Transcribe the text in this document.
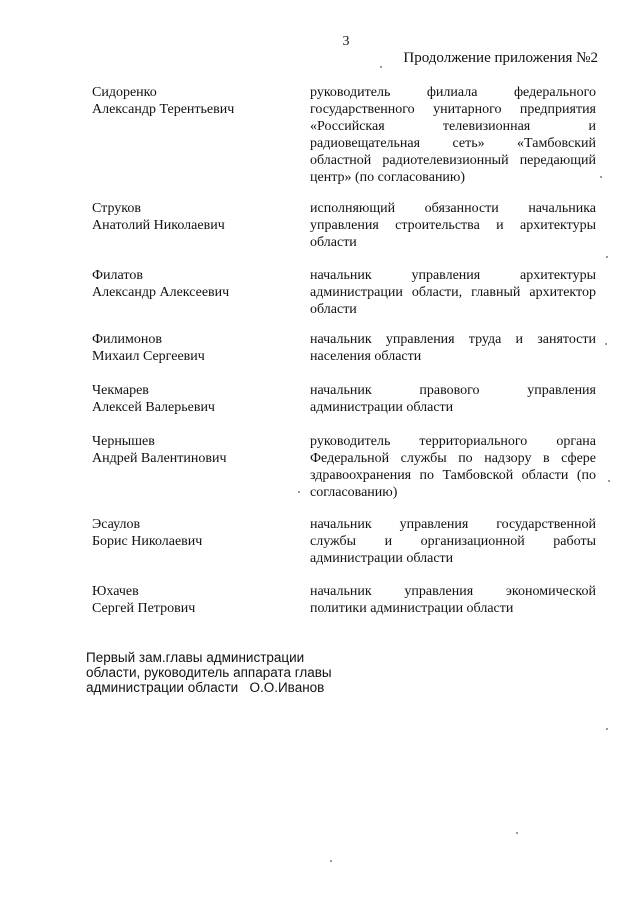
3
Продолжение приложения №2
Сидоренко
Александр Терентьевич
руководитель филиала федерального государственного унитарного предприятия «Российская телевизионная и радиовещательная сеть» «Тамбовский областной радиотелевизионный передающий центр» (по согласованию)
Струков
Анатолий Николаевич
исполняющий обязанности начальника управления строительства и архитектуры области
Филатов
Александр Алексеевич
начальник управления архитектуры администрации области, главный архитектор области
Филимонов
Михаил Сергеевич
начальник управления труда и занятости населения области
Чекмарев
Алексей Валерьевич
начальник правового управления администрации области
Чернышев
Андрей Валентинович
руководитель территориального органа Федеральной службы по надзору в сфере здравоохранения по Тамбовской области (по согласованию)
Эсаулов
Борис Николаевич
начальник управления государственной службы и организационной работы администрации области
Юхачев
Сергей Петрович
начальник управления экономической политики администрации области
Первый зам.главы администрации
области, руководитель аппарата главы
администрации области   О.О.Иванов
